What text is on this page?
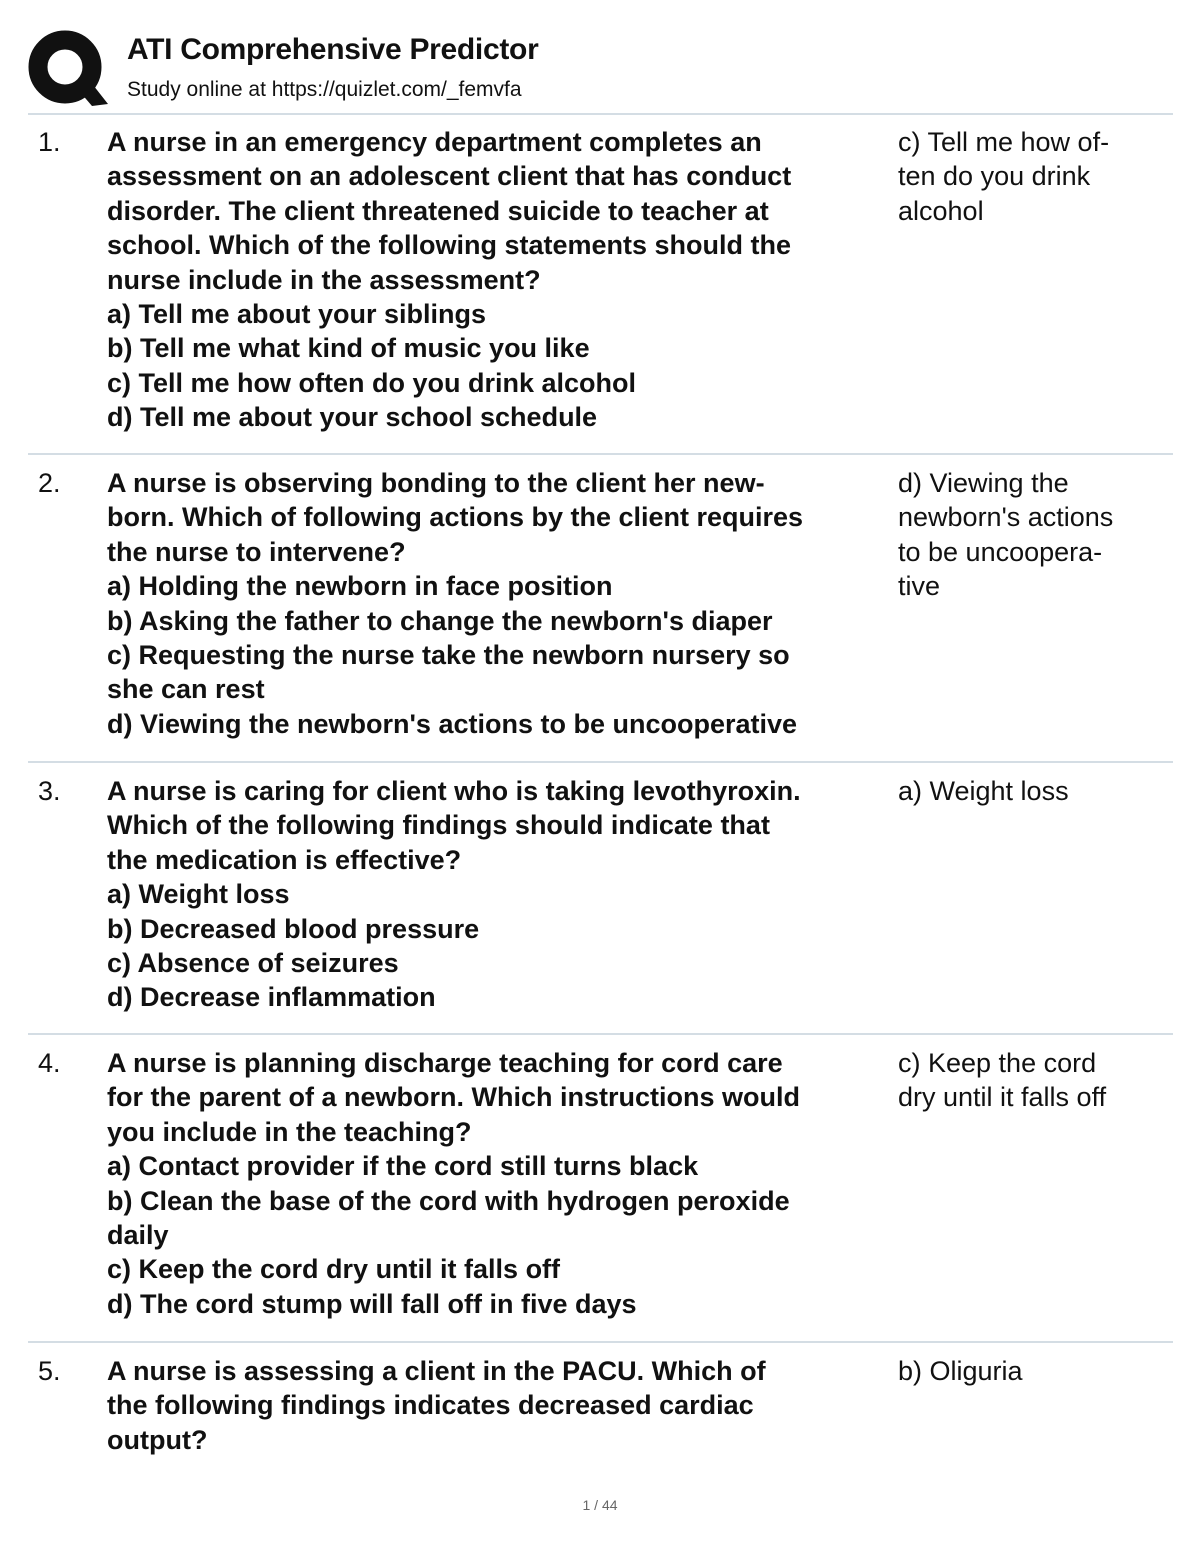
ATI Comprehensive Predictor
Study online at https://quizlet.com/_femvfa
1. A nurse in an emergency department completes an
assessment on an adolescent client that has conduct
disorder. The client threatened suicide to teacher at
school. Which of the following statements should the
nurse include in the assessment?
a) Tell me about your siblings
b) Tell me what kind of music you like
c) Tell me how often do you drink alcohol
d) Tell me about your school schedule
c) Tell me how of-
ten do you drink
alcohol
2. A nurse is observing bonding to the client her new-
born. Which of following actions by the client requires
the nurse to intervene?
a) Holding the newborn in face position
b) Asking the father to change the newborn's diaper
c) Requesting the nurse take the newborn nursery so
she can rest
d) Viewing the newborn's actions to be uncooperative
d) Viewing the
newborn's actions
to be uncoopera-
tive
3. A nurse is caring for client who is taking levothyroxin.
Which of the following findings should indicate that
the medication is effective?
a) Weight loss
b) Decreased blood pressure
c) Absence of seizures
d) Decrease inflammation
a) Weight loss
4. A nurse is planning discharge teaching for cord care
for the parent of a newborn. Which instructions would
you include in the teaching?
a) Contact provider if the cord still turns black
b) Clean the base of the cord with hydrogen peroxide
daily
c) Keep the cord dry until it falls off
d) The cord stump will fall off in five days
c) Keep the cord
dry until it falls off
5. A nurse is assessing a client in the PACU. Which of
the following findings indicates decreased cardiac
output?
b) Oliguria
1 / 44
